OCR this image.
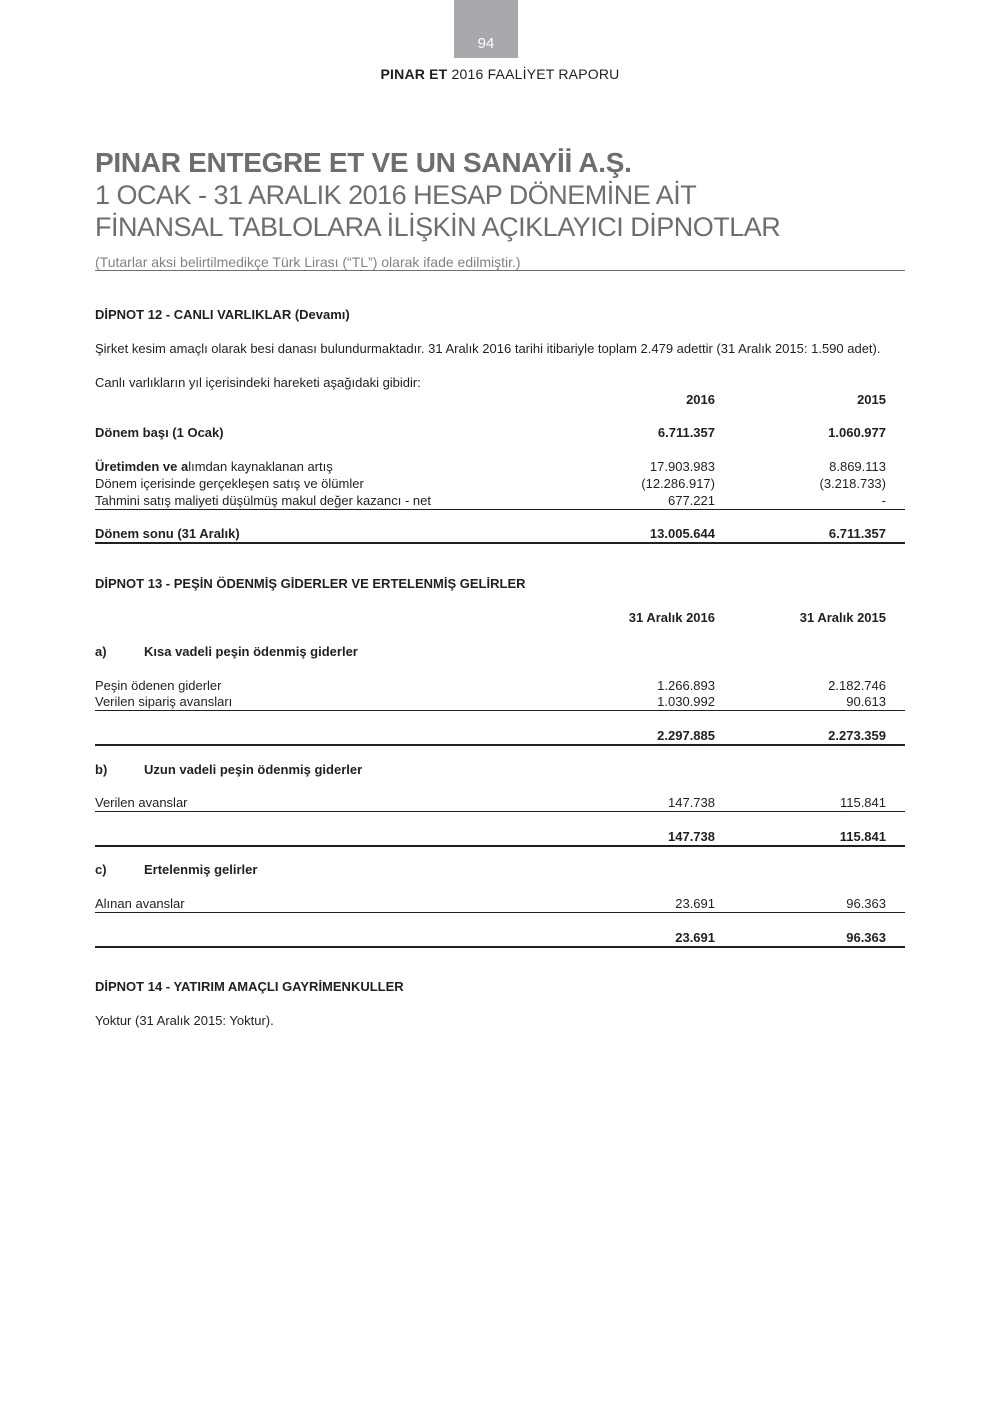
94
PINAR ET 2016 FAALİYET RAPORU
PINAR ENTEGRE ET VE UN SANAYİİ A.Ş.
1 OCAK - 31 ARALIK 2016 HESAP DÖNEMİNE AİT
FİNANSAL TABLOLARA İLİŞKİN AÇIKLAYICI DİPNOTLAR
(Tutarlar aksi belirtilmedikçe Türk Lirası (“TL”) olarak ifade edilmiştir.)
DİPNOT 12 - CANLI VARLIKLAR (Devamı)
Şirket kesim amaçlı olarak besi danası bulundurmaktadır. 31 Aralık 2016 tarihi itibariyle toplam 2.479 adettir (31 Aralık 2015: 1.590 adet).
Canlı varlıkların yıl içerisindeki hareketi aşağıdaki gibidir:
2016	2015
Dönem başı (1 Ocak)	6.711.357	1.060.977
Üretimden ve alımdan kaynaklanan artış	17.903.983	8.869.113
Dönem içerisinde gerçekleşen satış ve ölümler	(12.286.917)	(3.218.733)
Tahmini satış maliyeti düşülmüş makul değer kazancı - net	677.221	-
Dönem sonu (31 Aralık)	13.005.644	6.711.357
DİPNOT 13 - PEŞİN ÖDENMİŞ GİDERLER VE ERTELENMİŞ GELİRLER
31 Aralık 2016	31 Aralık 2015
a)	Kısa vadeli peşin ödenmiş giderler
Peşin ödenen giderler	1.266.893	2.182.746
Verilen sipariş avansları	1.030.992	90.613
2.297.885	2.273.359
b)	Uzun vadeli peşin ödenmiş giderler
Verilen avanslar	147.738	115.841
147.738	115.841
c)	Ertelenmiş gelirler
Alınan avanslar	23.691	96.363
23.691	96.363
DİPNOT 14 - YATIRIM AMAÇLI GAYRİMENKULLER
Yoktur (31 Aralık 2015: Yoktur).
